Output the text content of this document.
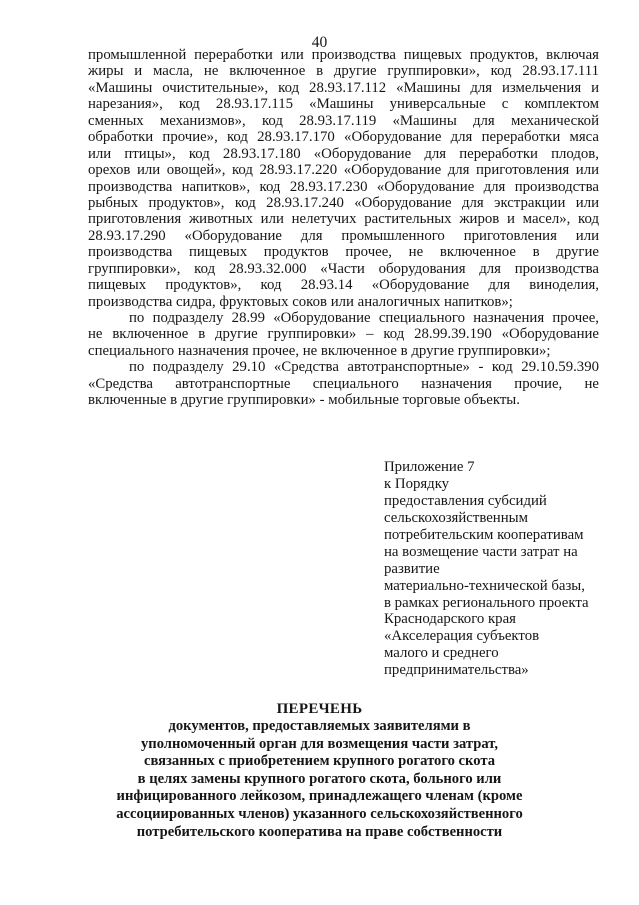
40
промышленной переработки или производства пищевых продуктов, включая
жиры и масла, не включенное в другие группировки», код 28.93.17.111
«Машины очистительные», код 28.93.17.112 «Машины для измельчения и
нарезания», код 28.93.17.115 «Машины универсальные с комплектом
сменных механизмов», код 28.93.17.119 «Машины для механической
обработки прочие», код 28.93.17.170 «Оборудование для переработки мяса
или птицы», код 28.93.17.180 «Оборудование для переработки плодов,
орехов или овощей», код 28.93.17.220 «Оборудование для приготовления или
производства напитков», код 28.93.17.230 «Оборудование для производства
рыбных продуктов», код 28.93.17.240 «Оборудование для экстракции или
приготовления животных или нелетучих растительных жиров и масел», код
28.93.17.290 «Оборудование для промышленного приготовления или
производства пищевых продуктов прочее, не включенное в другие
группировки», код 28.93.32.000 «Части оборудования для производства
пищевых продуктов», код 28.93.14 «Оборудование для виноделия,
производства сидра, фруктовых соков или аналогичных напитков»;
по подразделу 28.99 «Оборудование специального назначения прочее,
не включенное в другие группировки» – код 28.99.39.190 «Оборудование
специального назначения прочее, не включенное в другие группировки»;
по подразделу 29.10 «Средства автотранспортные» - код 29.10.59.390
«Средства автотранспортные специального назначения прочие, не
включенные в другие группировки» - мобильные торговые объекты.
Приложение 7
к Порядку
предоставления субсидий
сельскохозяйственным
потребительским кооперативам
на возмещение части затрат на
развитие
материально-технической базы,
в рамках регионального проекта
Краснодарского края
«Акселерация субъектов
малого и среднего
предпринимательства»
ПЕРЕЧЕНЬ
документов, предоставляемых заявителями в
уполномоченный орган для возмещения части затрат,
связанных с приобретением крупного рогатого скота
в целях замены крупного рогатого скота, больного или
инфицированного лейкозом, принадлежащего членам (кроме
ассоциированных членов) указанного сельскохозяйственного
потребительского кооператива на праве собственности
